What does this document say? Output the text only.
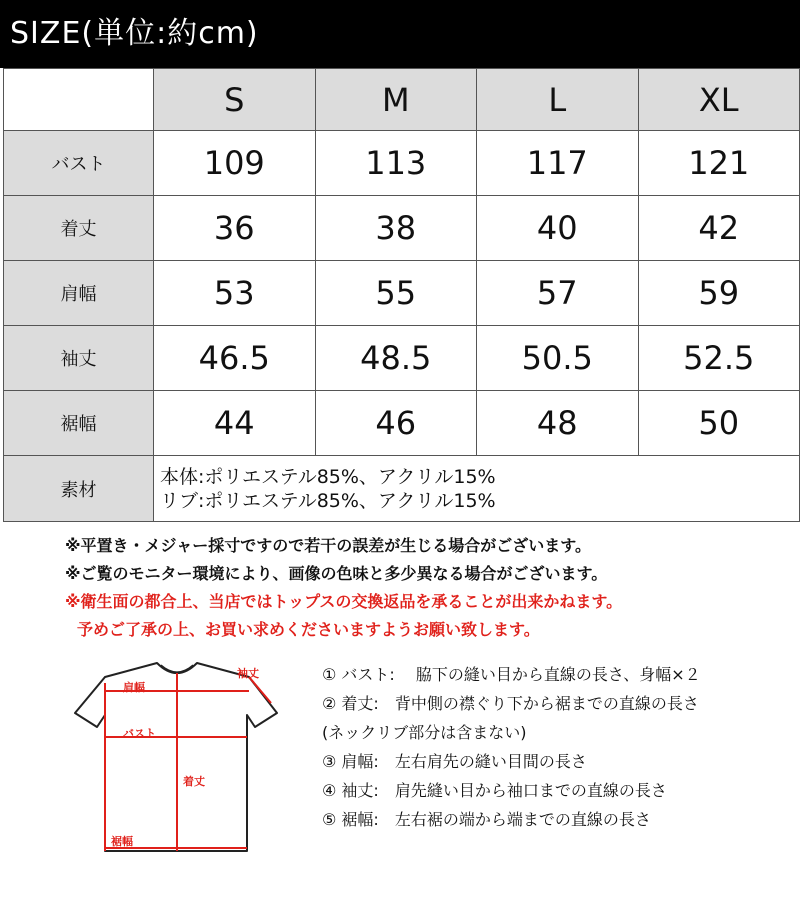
SIZE(単位:約cm)
	S	M	L	XL
バスト	109	113	117	121
着丈	36	38	40	42
肩幅	53	55	57	59
袖丈	46.5	48.5	50.5	52.5
裾幅	44	46	48	50
素材	本体:ポリエステル85%、アクリル15%
リブ:ポリエステル85%、アクリル15%			
※平置き・メジャー採寸ですので若干の誤差が生じる場合がございます。
※ご覧のモニター環境により、画像の色味と多少異なる場合がございます。
※衛生面の都合上、当店ではトップスの交換返品を承ることが出来かねます。
予めご了承の上、お買い求めくださいますようお願い致します。
肩幅
袖丈
バスト
着丈
裾幅
① バスト:　 脇下の縫い目から直線の長さ、身幅×２
② 着丈:　背中側の襟ぐり下から裾までの直線の長さ
(ネックリブ部分は含まない)
③ 肩幅:　左右肩先の縫い目間の長さ
④ 袖丈:　肩先縫い目から袖口までの直線の長さ
⑤ 裾幅:　左右裾の端から端までの直線の長さ
